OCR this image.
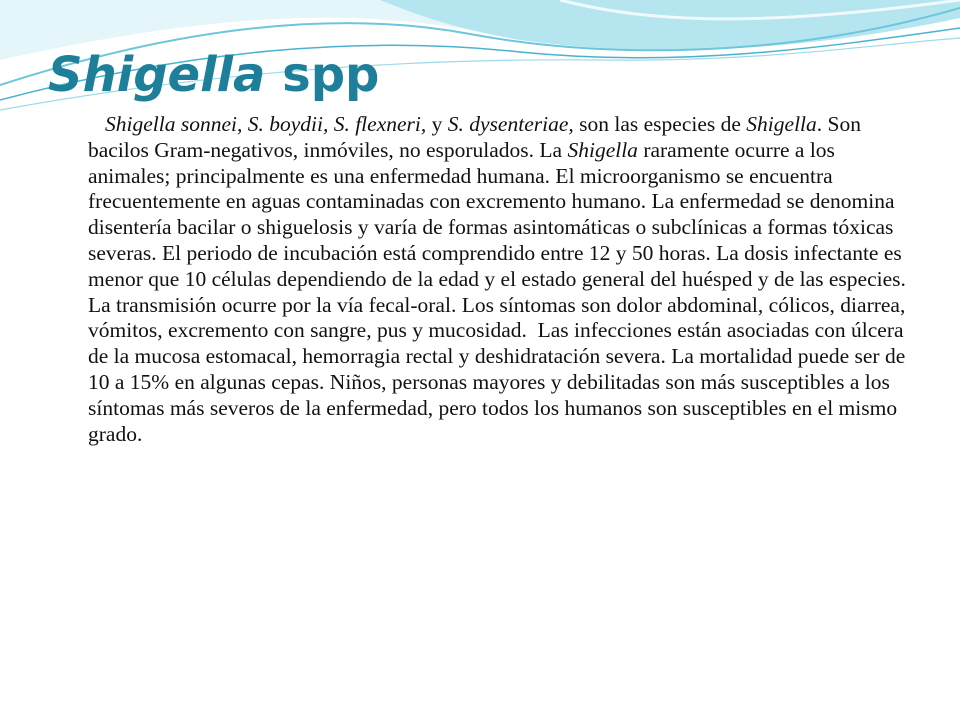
Shigella spp

Shigella sonnei, S. boydii, S. flexneri, y S. dysenteriae, son las especies de Shigella. Son bacilos Gram-negativos, inmóviles, no esporulados. La Shigella raramente ocurre a los animales; principalmente es una enfermedad humana. El microorganismo se encuentra frecuentemente en aguas contaminadas con excremento humano. La enfermedad se denomina disentería bacilar o shiguelosis y varía de formas asintomáticas o subclínicas a formas tóxicas severas. El periodo de incubación está comprendido entre 12 y 50 horas. La dosis infectante es menor que 10 células dependiendo de la edad y el estado general del huésped y de las especies. La transmisión ocurre por la vía fecal-oral. Los síntomas son dolor abdominal, cólicos, diarrea, vómitos, excremento con sangre, pus y mucosidad.  Las infecciones están asociadas con úlcera de la mucosa estomacal, hemorragia rectal y deshidratación severa. La mortalidad puede ser de 10 a 15% en algunas cepas. Niños, personas mayores y debilitadas son más susceptibles a los síntomas más severos de la enfermedad, pero todos los humanos son susceptibles en el mismo grado.
